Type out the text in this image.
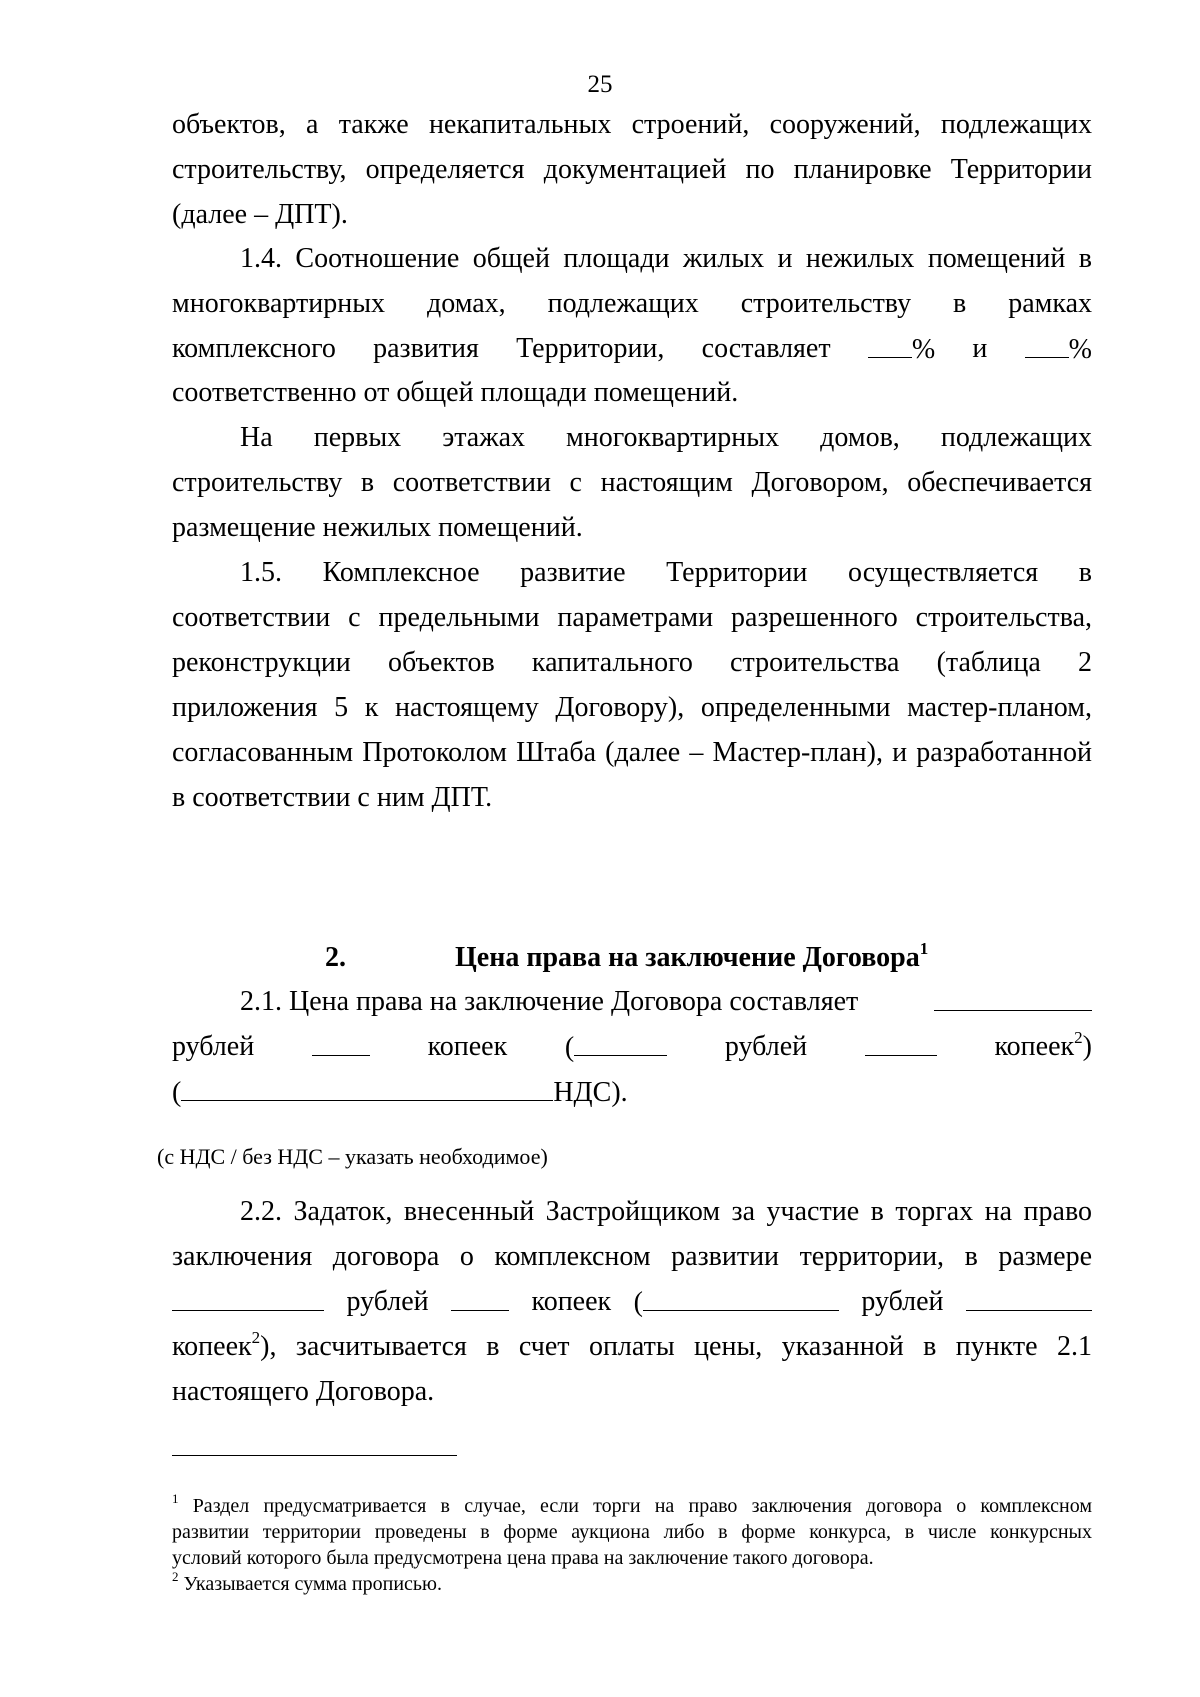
25
объектов, а также некапитальных строений, сооружений, подлежащих
строительству, определяется документацией по планировке Территории
(далее – ДПТ).
1.4. Соотношение общей площади жилых и нежилых помещений в
многоквартирных домах, подлежащих строительству в рамках
комплексного развития Территории, составляет	% и	%
соответственно от общей площади помещений.
На первых этажах многоквартирных домов, подлежащих
строительству в соответствии с настоящим Договором, обеспечивается
размещение нежилых помещений.
1.5. Комплексное развитие Территории осуществляется в
соответствии с предельными параметрами разрешенного строительства,
реконструкции объектов капитального строительства (таблица 2
приложения 5 к настоящему Договору), определенными мастер-планом,
согласованным Протоколом Штаба (далее – Мастер-план), и разработанной
в соответствии с ним ДПТ.
2.	Цена права на заключение Договора$^1$
2.1. Цена права на заключение Договора составляет
рублей	копеек (	рублей	копеек$^2$)
(	НДС).
(с НДС / без НДС – указать необходимое)
2.2. Задаток, внесенный Застройщиком за участие в торгах на право
заключения договора о комплексном развитии территории, в размере
рублей	копеек (	рублей
копеек$^2$), засчитывается в счет оплаты цены, указанной в пункте 2.1
настоящего Договора.
$^1$ Раздел предусматривается в случае, если торги на право заключения договора о комплексном
развитии территории проведены в форме аукциона либо в форме конкурса, в числе конкурсных
условий которого была предусмотрена цена права на заключение такого договора.
$^2$ Указывается сумма прописью.
